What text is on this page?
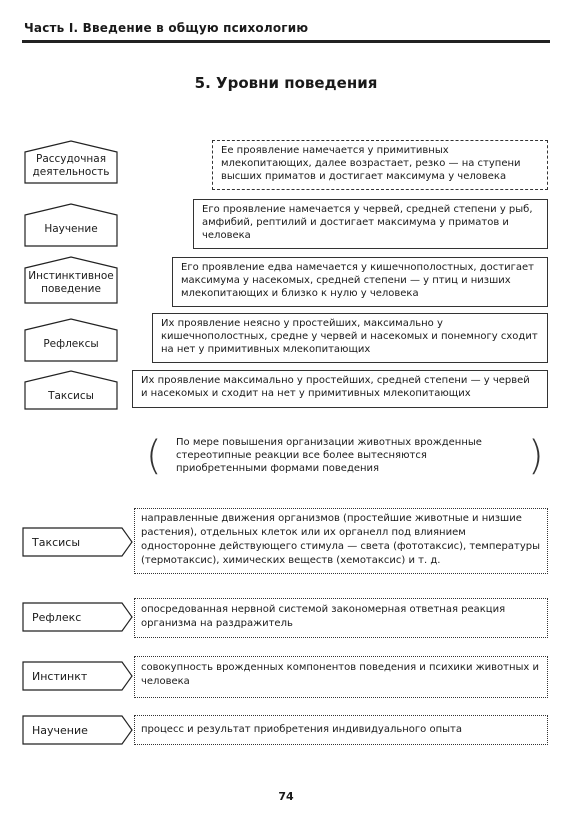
Часть I. Введение в общую психологию
5. Уровни поведения
Рассудочная деятельность
Ее проявление намечается у примитивных млекопитающих, далее возрастает, резко — на ступени высших приматов и достигает максимума у человека
Научение
Его проявление намечается у червей, средней степени у рыб, амфибий, рептилий и достигает максимума у приматов и человека
Инстинктивное поведение
Его проявление едва намечается у кишечнополостных, достигает максимума у насекомых, средней степени — у птиц и низших млекопитающих и близко к нулю у человека
Рефлексы
Их проявление неясно у простейших, максимально у кишечнополостных, средне у червей и насекомых и понемногу сходит на нет у примитивных млекопитающих
Таксисы
Их проявление максимально у простейших, средней степени — у червей и насекомых и сходит на нет у примитивных млекопитающих
( По мере повышения организации животных врожденные стереотипные реакции все более вытесняются приобретенными формами поведения	)
Таксисы
направленные движения организмов (простейшие животные и низшие растения), отдельных клеток или их органелл под влиянием односторонне действующего стимула — света (фототаксис), температуры (термотаксис), химических веществ (хемотаксис) и т. д.
Рефлекс
опосредованная нервной системой закономерная ответная реакция организма на раздражитель
Инстинкт
совокупность врожденных компонентов поведения и психики животных и человека
Научение	процесс и результат приобретения индивидуального опыта
74
